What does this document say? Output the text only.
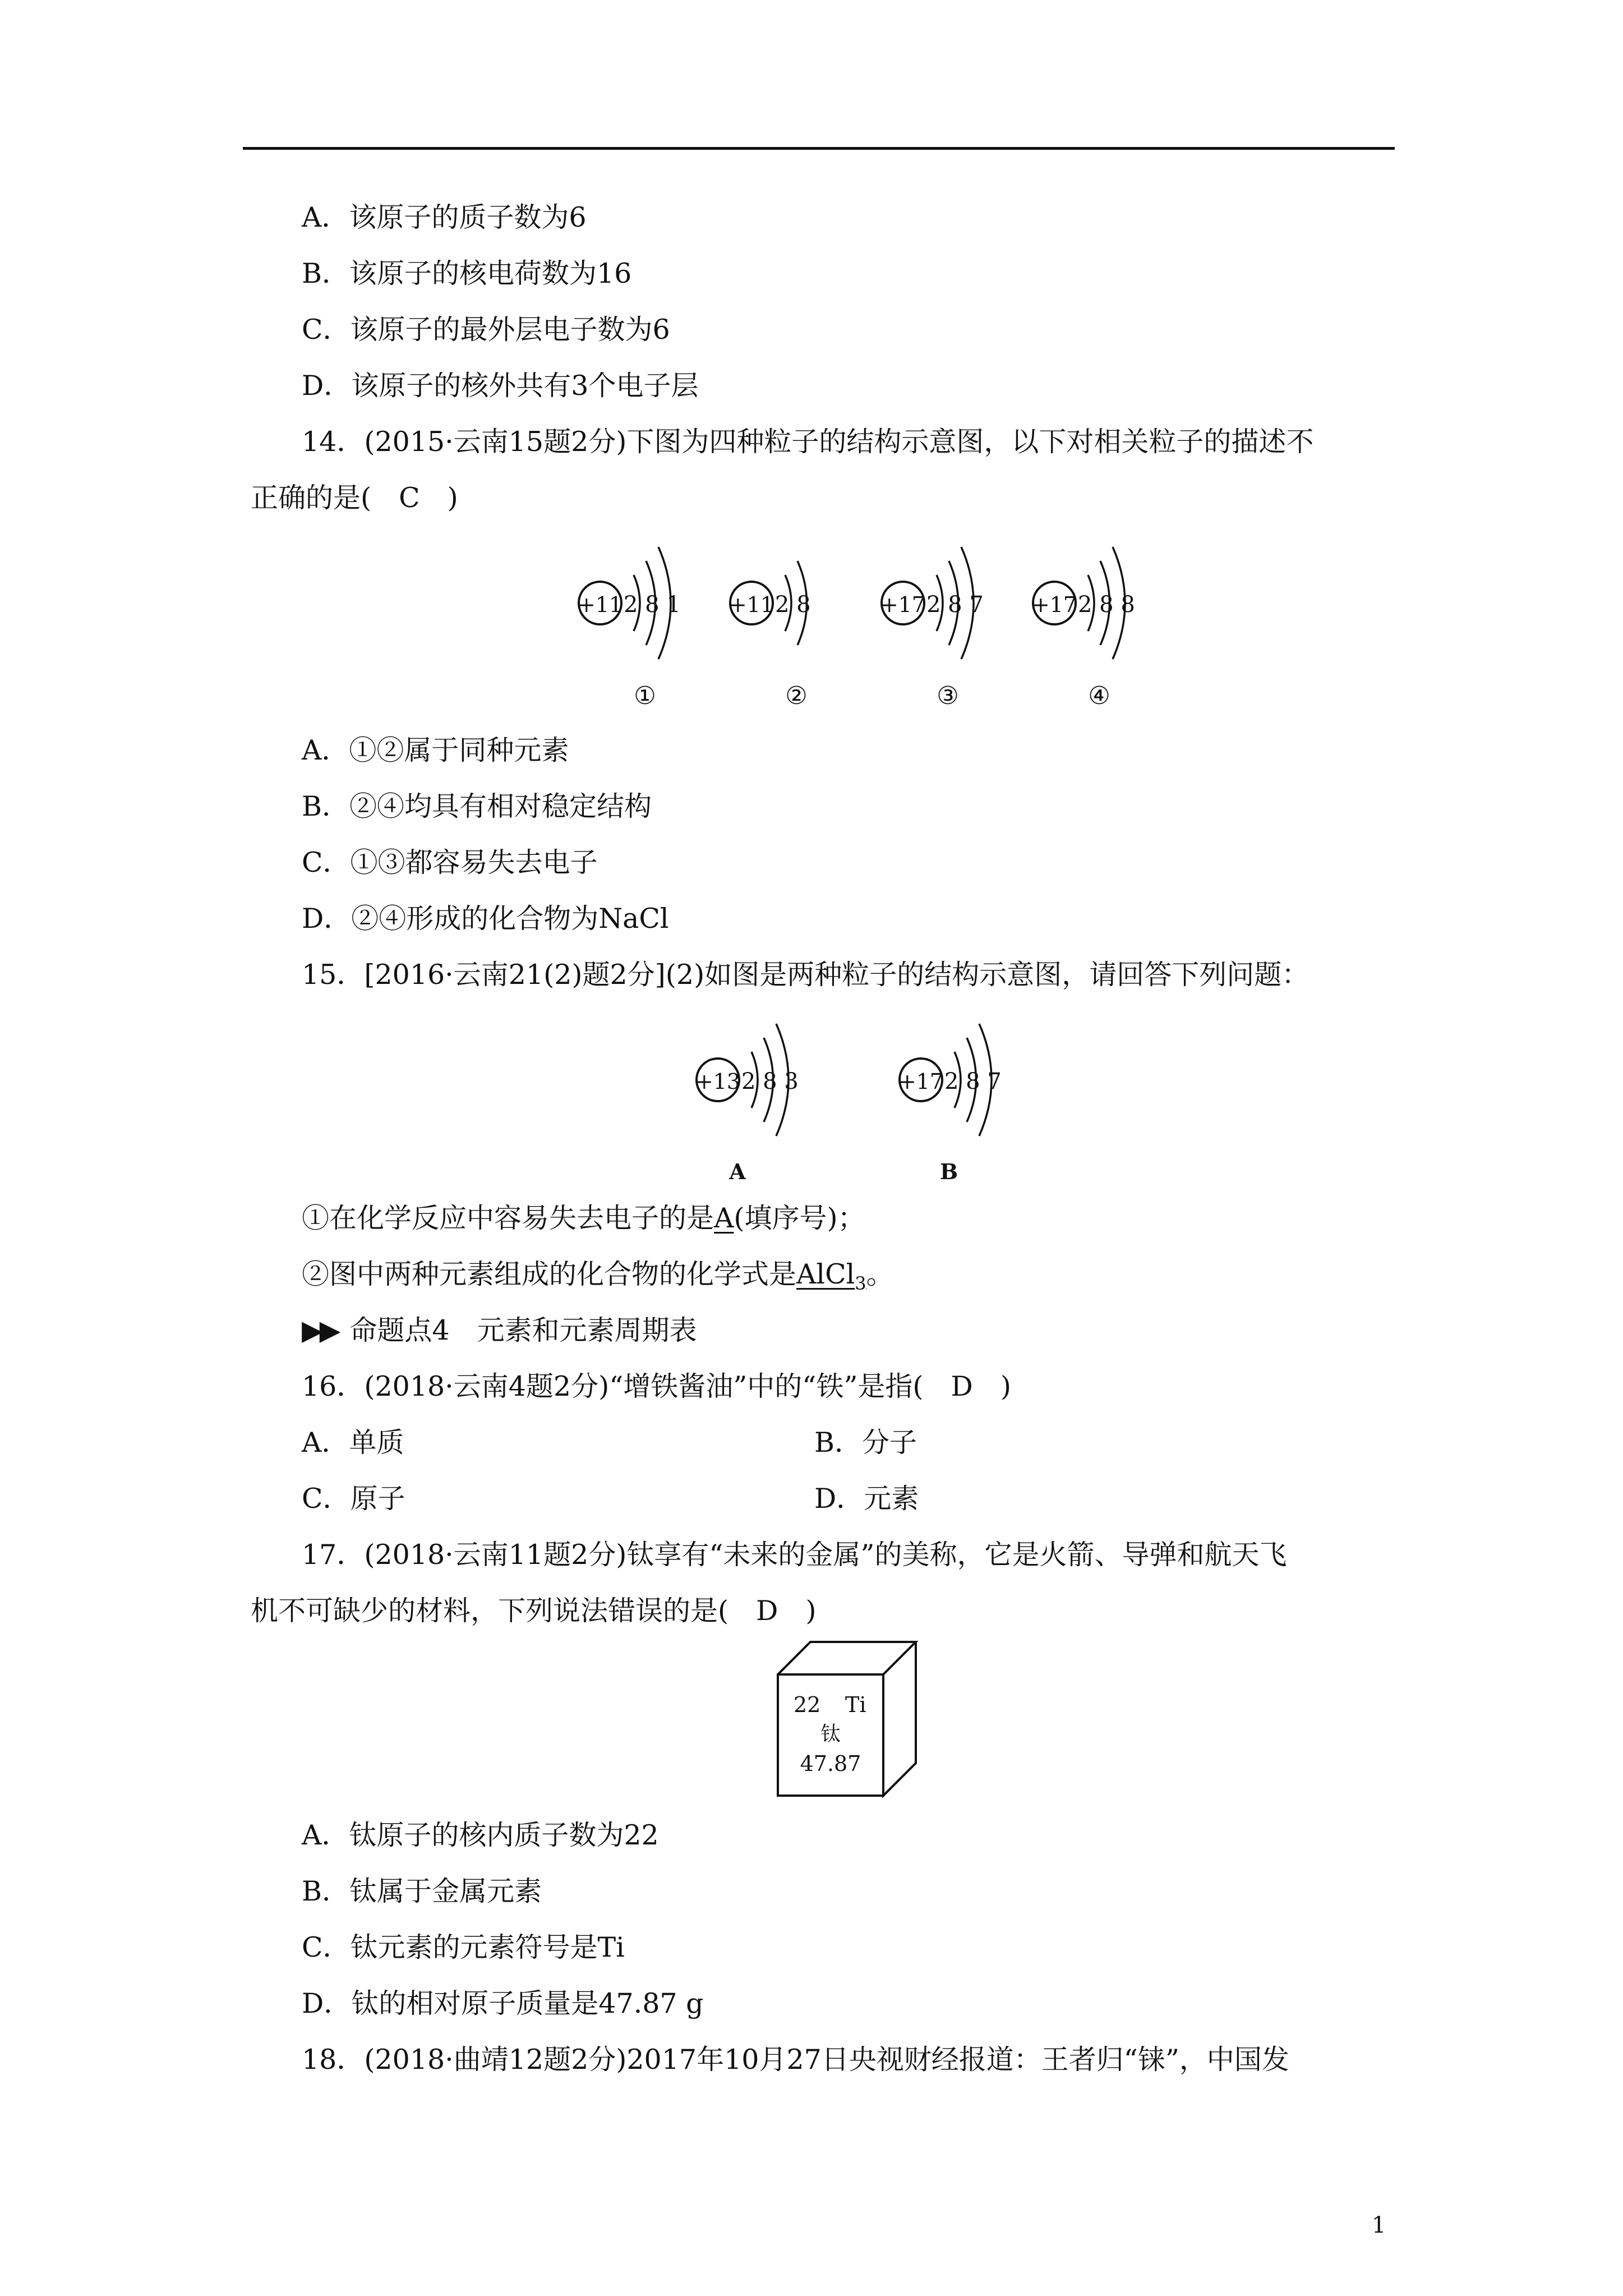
A．该原子的质子数为6
B．该原子的核电荷数为16
C．该原子的最外层电子数为6
D．该原子的核外共有3个电子层
14．(2015·云南15题2分)下图为四种粒子的结构示意图，以下对相关粒子的描述不
正确的是(　C　)
+11 2 8 1
①
+11 2 8
②
+17 2 8 7
③
+17 2 8 8
④
A．①②属于同种元素
B．②④均具有相对稳定结构
C．①③都容易失去电子
D．②④形成的化合物为NaCl
15．[2016·云南21(2)题2分](2)如图是两种粒子的结构示意图，请回答下列问题：
+13 2 8 3
A
+17 2 8 7
B
①在化学反应中容易失去电子的是A(填序号)；
②图中两种元素组成的化合物的化学式是AlCl$_3$。
▶▶ 命题点4　元素和元素周期表
16．(2018·云南4题2分)“增铁酱油”中的“铁”是指(　D　)
A．单质	B．分子
C．原子	D．元素
17．(2018·云南11题2分)钛享有“未来的金属”的美称，它是火箭、导弹和航天飞
机不可缺少的材料，下列说法错误的是(　D　)
22 Ti
钛
47.87
A．钛原子的核内质子数为22
B．钛属于金属元素
C．钛元素的元素符号是Ti
D．钛的相对原子质量是47.87 g
18．(2018·曲靖12题2分)2017年10月27日央视财经报道：王者归“铼”，中国发
1
